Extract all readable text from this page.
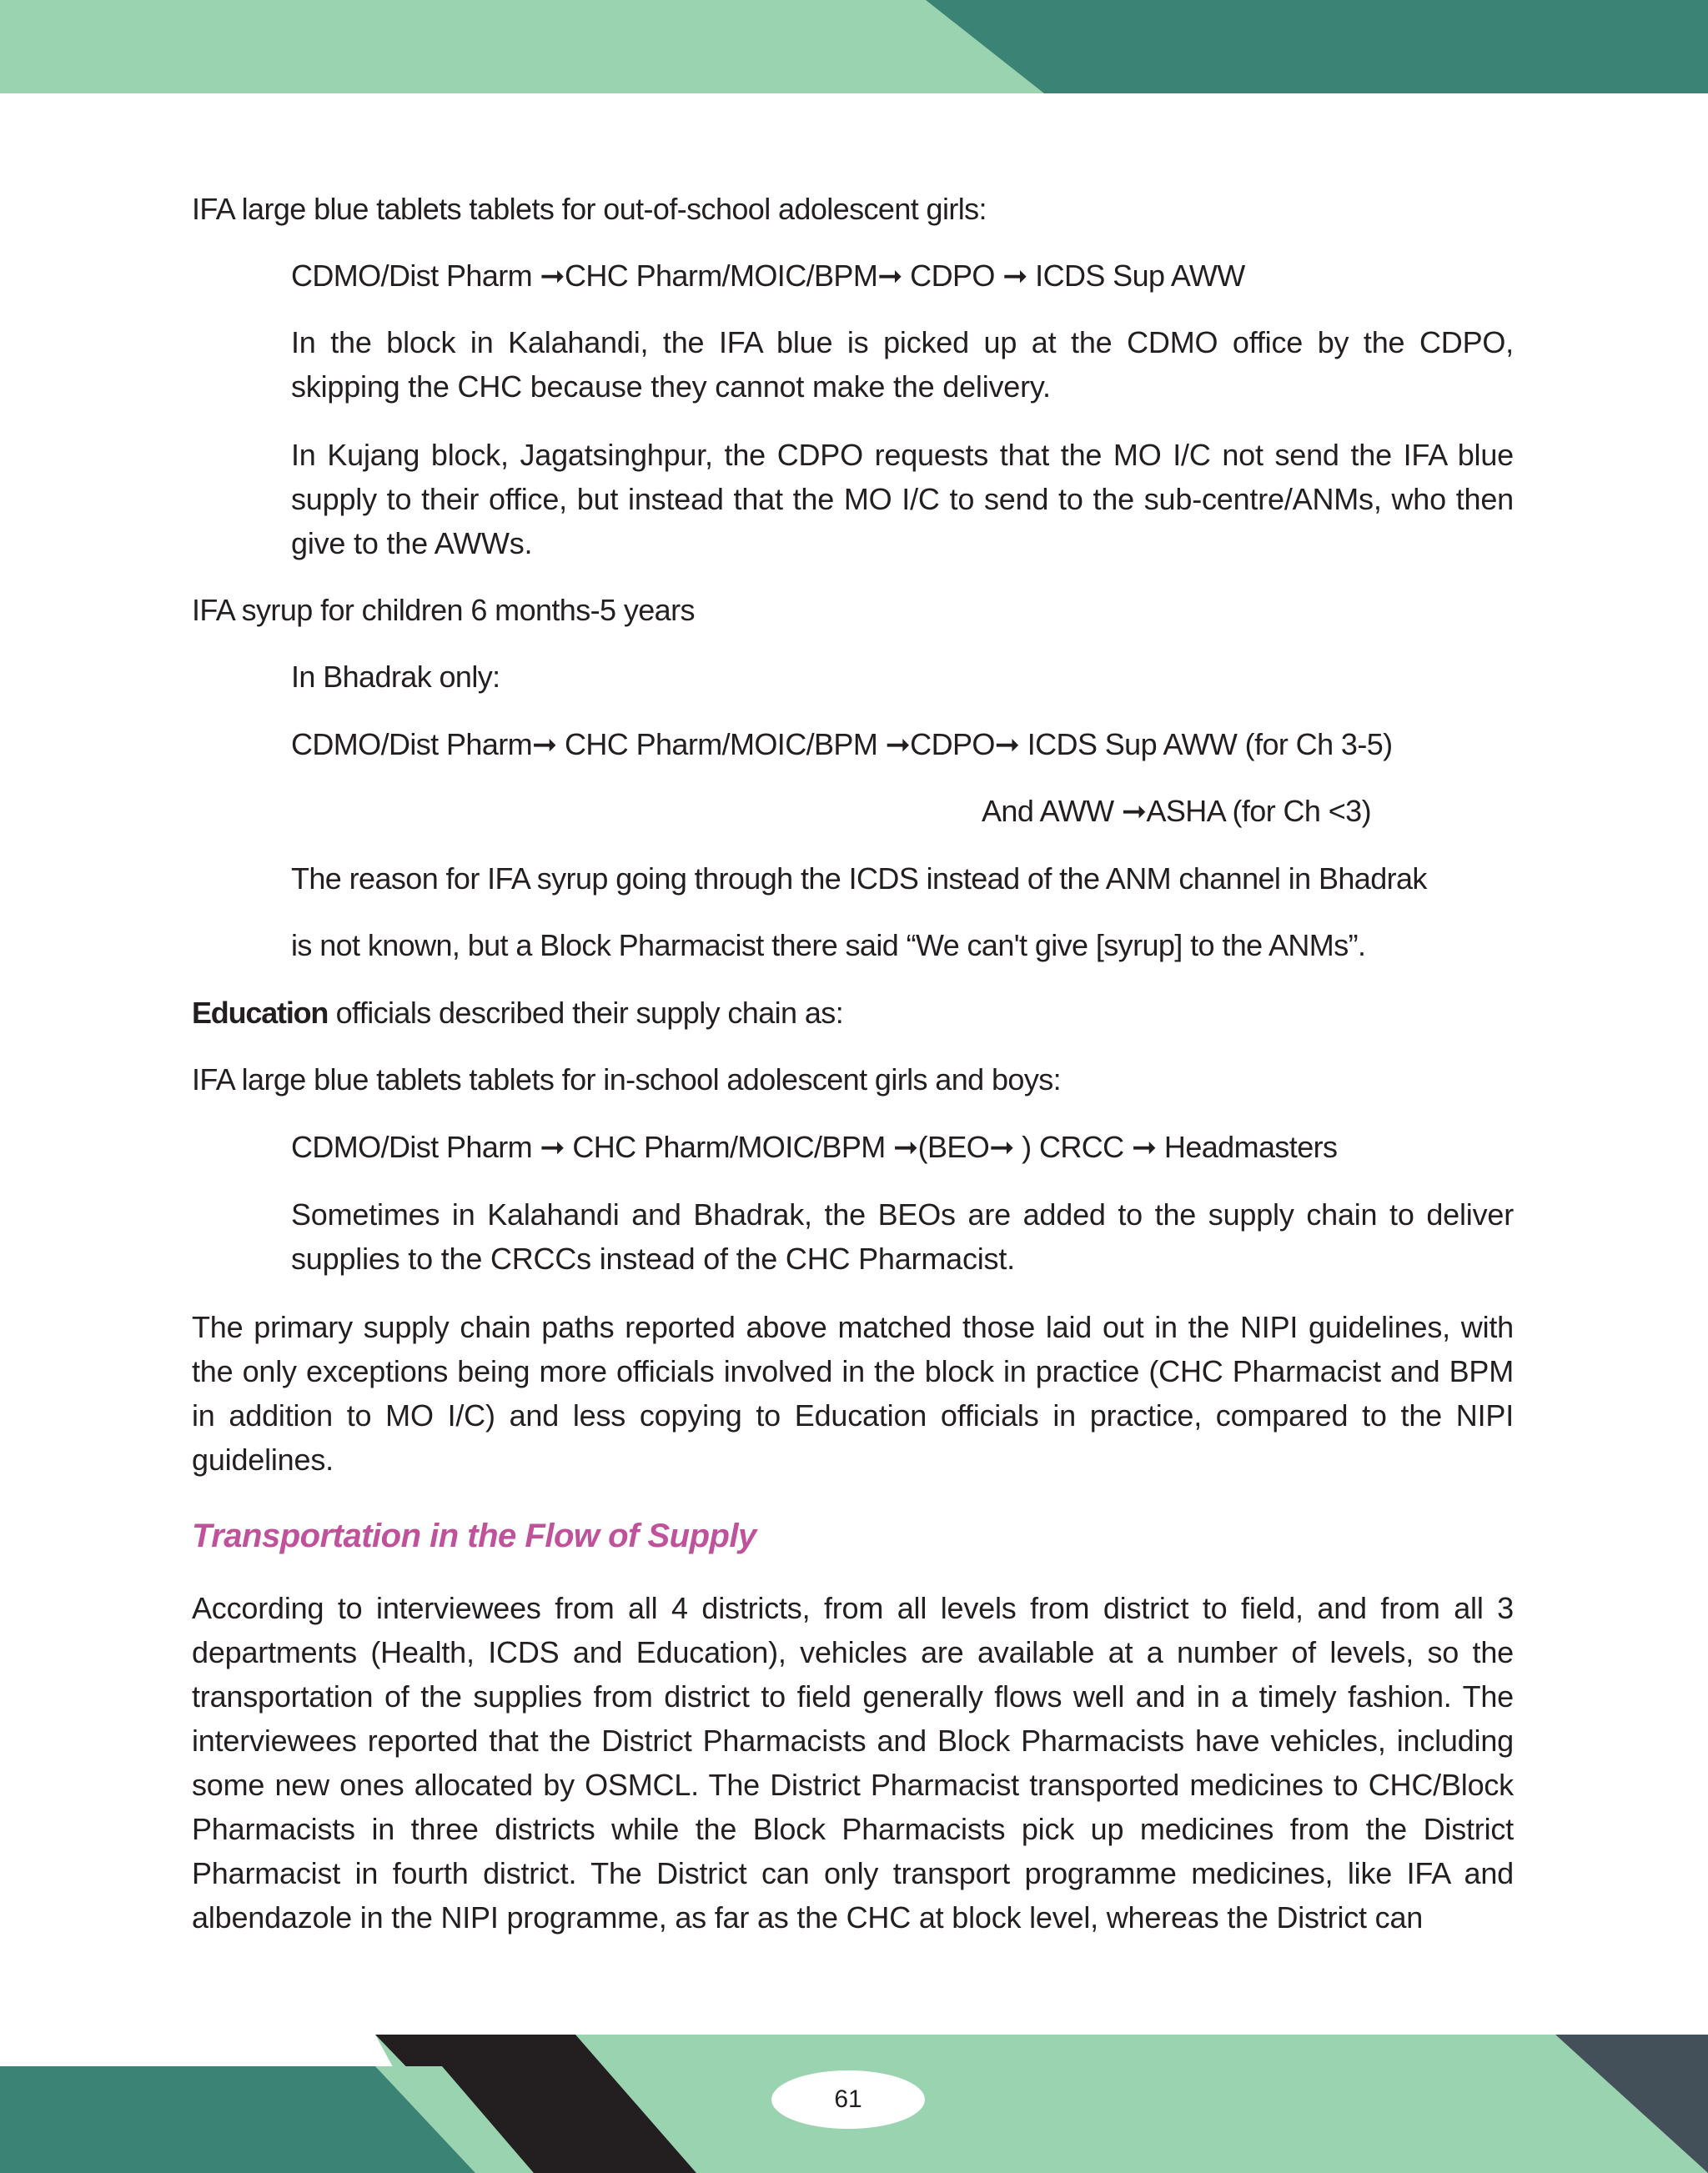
IFA large blue tablets tablets for out-of-school adolescent girls:
CDMO/Dist Pharm ➞CHC Pharm/MOIC/BPM➞ CDPO ➞ ICDS Sup AWW
In the block in Kalahandi, the IFA blue is picked up at the CDMO office by the CDPO, skipping the CHC because they cannot make the delivery.
In Kujang block, Jagatsinghpur, the CDPO requests that the MO I/C not send the IFA blue supply to their office, but instead that the MO I/C to send to the sub-centre/ANMs, who then give to the AWWs.
IFA syrup for children 6 months-5 years
In Bhadrak only:
CDMO/Dist Pharm➞ CHC Pharm/MOIC/BPM ➞CDPO➞ ICDS Sup AWW (for Ch 3-5)
And AWW ➞ASHA (for Ch <3)
The reason for IFA syrup going through the ICDS instead of the ANM channel in Bhadrak
is not known, but a Block Pharmacist there said “We can't give [syrup] to the ANMs”.
Education officials described their supply chain as:
IFA large blue tablets tablets for in-school adolescent girls and boys:
CDMO/Dist Pharm ➞ CHC Pharm/MOIC/BPM ➞(BEO➞ ) CRCC ➞ Headmasters
Sometimes in Kalahandi and Bhadrak, the BEOs are added to the supply chain to deliver supplies to the CRCCs instead of the CHC Pharmacist.
The primary supply chain paths reported above matched those laid out in the NIPI guidelines, with the only exceptions being more officials involved in the block in practice (CHC Pharmacist and BPM in addition to MO I/C) and less copying to Education officials in practice, compared to the NIPI guidelines.
Transportation in the Flow of Supply
According to interviewees from all 4 districts, from all levels from district to field, and from all 3 departments (Health, ICDS and Education), vehicles are available at a number of levels, so the transportation of the supplies from district to field generally flows well and in a timely fashion. The interviewees reported that the District Pharmacists and Block Pharmacists have vehicles, including some new ones allocated by OSMCL. The District Pharmacist transported medicines to CHC/Block Pharmacists in three districts while the Block Pharmacists pick up medicines from the District Pharmacist in fourth district. The District can only transport programme medicines, like IFA and albendazole in the NIPI programme, as far as the CHC at block level, whereas the District can
61
